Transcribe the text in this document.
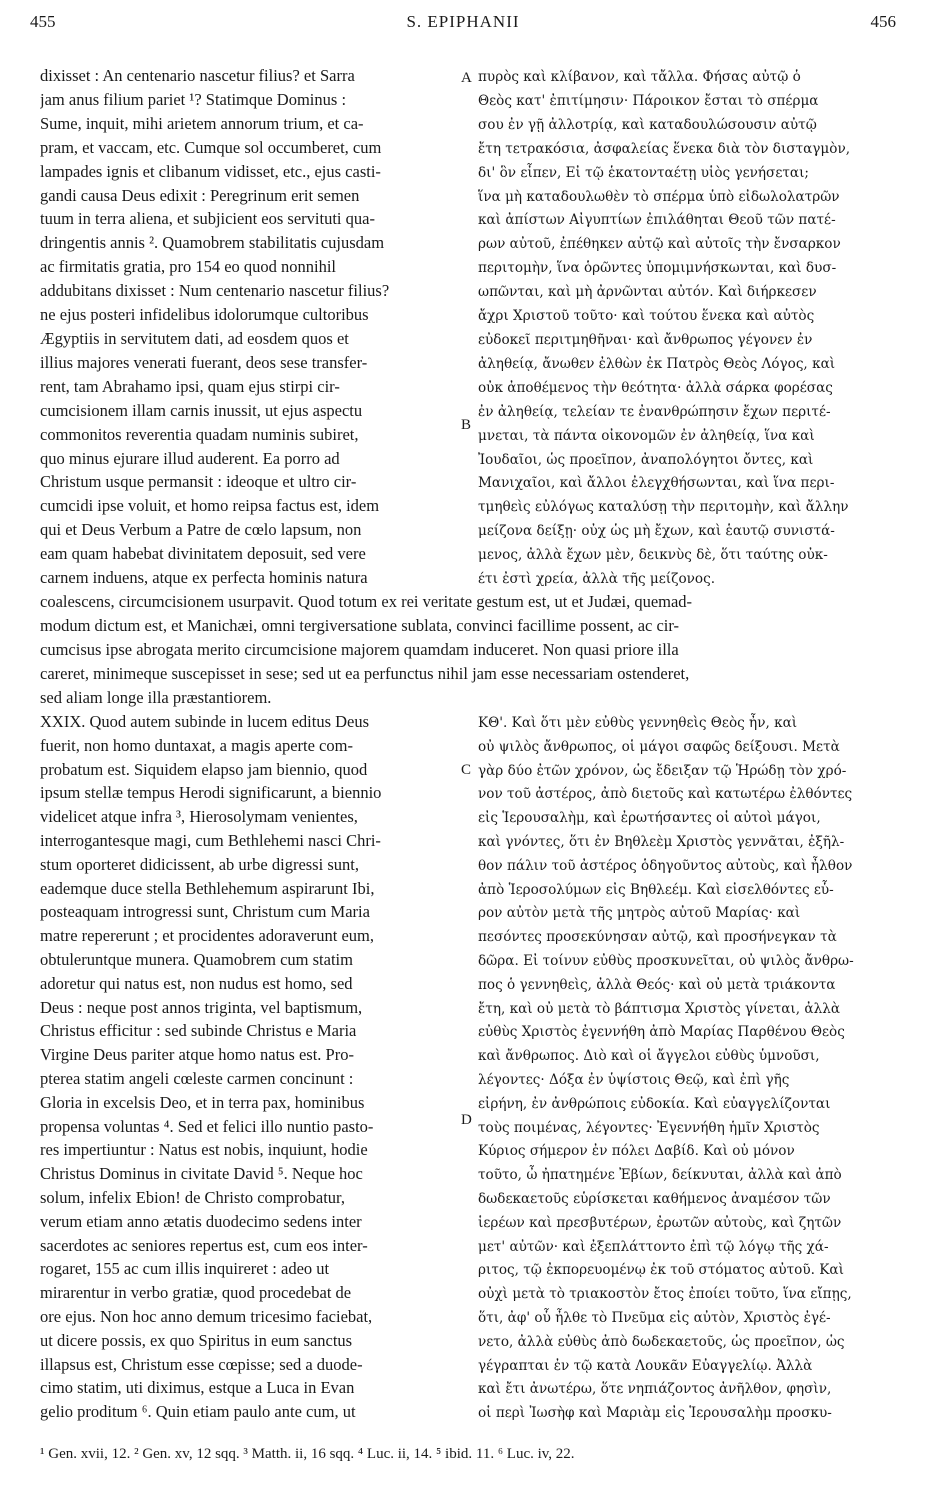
455	S. EPIPHANII	456
dixisset : An centenario nascetur filius? et Sarra
jam anus filium pariet ¹? Statimque Dominus :
Sume, inquit, mihi arietem annorum trium, et ca-
pram, et vaccam, etc. Cumque sol occumberet, cum
lampades ignis et clibanum vidisset, etc., ejus casti-
gandi causa Deus edixit : Peregrinum erit semen
tuum in terra aliena, et subjicient eos servituti qua-
dringentis annis ². Quamobrem stabilitatis cujusdam
ac firmitatis gratia, pro 154 eo quod nonnihil
addubitans dixisset : Num centenario nascetur filius?
ne ejus posteri infidelibus idolorumque cultoribus
Ægyptiis in servitutem dati, ad eosdem quos et
illius majores venerati fuerant, deos sese transfer-
rent, tam Abrahamo ipsi, quam ejus stirpi cir-
cumcisionem illam carnis inussit, ut ejus aspectu
commonitos reverentia quadam numinis subiret,
quo minus ejurare illud auderent. Ea porro ad
Christum usque permansit : ideoque et ultro cir-
cumcidi ipse voluit, et homo reipsa factus est, idem
qui et Deus Verbum a Patre de cœlo lapsum, non
eam quam habebat divinitatem deposuit, sed vere
carnem induens, atque ex perfecta hominis natura
πυρὸς καὶ κλίβανον, καὶ τἄλλα. Φήσας αὐτῷ ὁ
Θεὸς κατ' ἐπιτίμησιν· Πάροικον ἔσται τὸ σπέρμα
σου ἐν γῇ ἀλλοτρίᾳ, καὶ καταδουλώσουσιν αὐτῷ
ἔτη τετρακόσια, ἀσφαλείας ἕνεκα διὰ τὸν δισταγμὸν,
δι' ὃν εἶπεν, Εἰ τῷ ἑκατονταέτῃ υἱὸς γενήσεται;
ἵνα μὴ καταδουλωθὲν τὸ σπέρμα ὑπὸ εἰδωλολατρῶν
καὶ ἀπίστων Αἰγυπτίων ἐπιλάθηται Θεοῦ τῶν πατέ-
ρων αὐτοῦ, ἐπέθηκεν αὐτῷ καὶ αὐτοῖς τὴν ἔνσαρκον
περιτομὴν, ἵνα ὁρῶντες ὑπομιμνήσκωνται, καὶ δυσ-
ωπῶνται, καὶ μὴ ἀρνῶνται αὐτόν. Καὶ διήρκεσεν
ἄχρι Χριστοῦ τοῦτο· καὶ τούτου ἕνεκα καὶ αὐτὸς
εὐδοκεῖ περιτμηθῆναι· καὶ ἄνθρωπος γέγονεν ἐν
ἀληθείᾳ, ἄνωθεν ἐλθὼν ἐκ Πατρὸς Θεὸς Λόγος, καὶ
οὐκ ἀποθέμενος τὴν θεότητα· ἀλλὰ σάρκα φορέσας
ἐν ἀληθείᾳ, τελείαν τε ἐνανθρώπησιν ἔχων περιτέ-
μνεται, τὰ πάντα οἰκονομῶν ἐν ἀληθείᾳ, ἵνα καὶ
Ἰουδαῖοι, ὡς προεῖπον, ἀναπολόγητοι ὄντες, καὶ
Μανιχαῖοι, καὶ ἄλλοι ἐλεγχθήσωνται, καὶ ἵνα περι-
τμηθεὶς εὐλόγως καταλύσῃ τὴν περιτομὴν, καὶ ἄλλην
μείζονα δείξῃ· οὐχ ὡς μὴ ἔχων, καὶ ἑαυτῷ συνιστά-
μενος, ἀλλὰ ἔχων μὲν, δεικνὺς δὲ, ὅτι ταύτης οὐκ-
έτι ἐστὶ χρεία, ἀλλὰ τῆς μείζονος.
coalescens, circumcisionem usurpavit. Quod totum ex rei veritate gestum est, ut et Judæi, quemad-
modum dictum est, et Manichæi, omni tergiversatione sublata, convinci facillime possent, ac cir-
cumcisus ipse abrogata merito circumcisione majorem quamdam induceret. Non quasi priore illa
careret, minimeque suscepisset in sese; sed ut ea perfunctus nihil jam esse necessariam ostenderet,
sed aliam longe illa præstantiorem.
XXIX. Quod autem subinde in lucem editus Deus
fuerit, non homo duntaxat, a magis aperte com-
probatum est. Siquidem elapso jam biennio, quod
ipsum stellæ tempus Herodi significarunt, a biennio
videlicet atque infra ³, Hierosolymam venientes,
interrogantesque magi, cum Bethlehemi nasci Chri-
stum oporteret didicissent, ab urbe digressi sunt,
eademque duce stella Bethlehemum aspirarunt Ibi,
posteaquam introgressi sunt, Christum cum Maria
matre repererunt ; et procidentes adoraverunt eum,
obtuleruntque munera. Quamobrem cum statim
adoretur qui natus est, non nudus est homo, sed
Deus : neque post annos triginta, vel baptismum,
Christus efficitur : sed subinde Christus e Maria
Virgine Deus pariter atque homo natus est. Pro-
pterea statim angeli cœleste carmen concinunt :
Gloria in excelsis Deo, et in terra pax, hominibus
propensa voluntas ⁴. Sed et felici illo nuntio pasto-
res impertiuntur : Natus est nobis, inquiunt, hodie
Christus Dominus in civitate David ⁵. Neque hoc
solum, infelix Ebion! de Christo comprobatur,
verum etiam anno ætatis duodecimo sedens inter
sacerdotes ac seniores repertus est, cum eos inter-
rogaret, 155 ac cum illis inquireret : adeo ut
mirarentur in verbo gratiæ, quod procedebat de
ore ejus. Non hoc anno demum tricesimo faciebat,
ut dicere possis, ex quo Spiritus in eum sanctus
illapsus est, Christum esse cœpisse; sed a duode-
cimo statim, uti diximus, estque a Luca in Evan
gelio proditum ⁶. Quin etiam paulo ante cum, ut
ΚΘ'. Καὶ ὅτι μὲν εὐθὺς γεννηθεὶς Θεὸς ἦν, καὶ
οὐ ψιλὸς ἄνθρωπος, οἱ μάγοι σαφῶς δείξουσι. Μετὰ
γὰρ δύο ἐτῶν χρόνον, ὡς ἔδειξαν τῷ Ἡρώδῃ τὸν χρό-
νον τοῦ ἀστέρος, ἀπὸ διετοῦς καὶ κατωτέρω ἐλθόντες
εἰς Ἱερουσαλὴμ, καὶ ἐρωτήσαντες οἱ αὐτοὶ μάγοι,
καὶ γνόντες, ὅτι ἐν Βηθλεὲμ Χριστὸς γεννᾶται, ἐξῆλ-
θον πάλιν τοῦ ἀστέρος ὁδηγοῦντος αὐτοὺς, καὶ ἦλθον
ἀπὸ Ἱεροσολύμων εἰς Βηθλεέμ. Καὶ εἰσελθόντες εὗ-
ρον αὐτὸν μετὰ τῆς μητρὸς αὐτοῦ Μαρίας· καὶ
πεσόντες προσεκύνησαν αὐτῷ, καὶ προσήνεγκαν τὰ
δῶρα. Εἰ τοίνυν εὐθὺς προσκυνεῖται, οὐ ψιλὸς ἄνθρω-
πος ὁ γεννηθεὶς, ἀλλὰ Θεός· καὶ οὐ μετὰ τριάκοντα
ἔτη, καὶ οὐ μετὰ τὸ βάπτισμα Χριστὸς γίνεται, ἀλλὰ
εὐθὺς Χριστὸς ἐγεννήθη ἀπὸ Μαρίας Παρθένου Θεὸς
καὶ ἄνθρωπος. Διὸ καὶ οἱ ἄγγελοι εὐθὺς ὑμνοῦσι,
λέγοντες· Δόξα ἐν ὑψίστοις Θεῷ, καὶ ἐπὶ γῆς
εἰρήνη, ἐν ἀνθρώποις εὐδοκία. Καὶ εὐαγγελίζονται
τοὺς ποιμένας, λέγοντες· Ἐγεννήθη ἡμῖν Χριστὸς
Κύριος σήμερον ἐν πόλει Δαβίδ. Καὶ οὐ μόνον
τοῦτο, ὦ ἠπατημένε Ἐβίων, δείκνυται, ἀλλὰ καὶ ἀπὸ
δωδεκαετοῦς εὑρίσκεται καθήμενος ἀναμέσον τῶν
ἱερέων καὶ πρεσβυτέρων, ἐρωτῶν αὐτοὺς, καὶ ζητῶν
μετ' αὐτῶν· καὶ ἐξεπλάττοντο ἐπὶ τῷ λόγῳ τῆς χά-
ριτος, τῷ ἐκπορευομένῳ ἐκ τοῦ στόματος αὐτοῦ. Καὶ
οὐχὶ μετὰ τὸ τριακοστὸν ἔτος ἐποίει τοῦτο, ἵνα εἴπῃς,
ὅτι, ἀφ' οὗ ἦλθε τὸ Πνεῦμα εἰς αὐτὸν, Χριστὸς ἐγέ-
νετο, ἀλλὰ εὐθὺς ἀπὸ δωδεκαετοῦς, ὡς προεῖπον, ὡς
γέγραπται ἐν τῷ κατὰ Λουκᾶν Εὐαγγελίῳ. Ἀλλὰ
καὶ ἔτι ἀνωτέρω, ὅτε νηπιάζοντος ἀνῆλθον, φησὶν,
οἱ περὶ Ἰωσὴφ καὶ Μαριὰμ εἰς Ἱερουσαλὴμ προσκυ-
A
B
C
D
¹ Gen. xvii, 12. ² Gen. xv, 12 sqq. ³ Matth. ii, 16 sqq. ⁴ Luc. ii, 14. ⁵ ibid. 11. ⁶ Luc. iv, 22.
